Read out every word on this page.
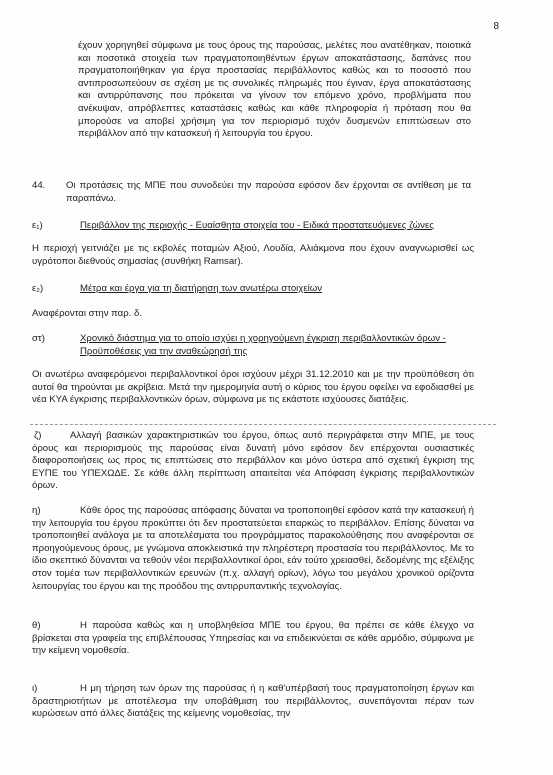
8

έχουν χορηγηθεί σύμφωνα με τους όρους της παρούσας, μελέτες που ανατέθηκαν, ποιοτικά και ποσοτικά στοιχεία των πραγματοποιηθέντων έργων αποκατάστασης, δαπάνες που πραγματοποιήθηκαν για έργα προστασίας περιβάλλοντος καθώς και το ποσοστό που αντιπροσωπεύουν σε σχέση με τις συνολικές πληρωμές που έγιναν, έργα αποκατάστασης και αντιρρύπανσης που πρόκειται να γίνουν τον επόμενο χρόνο, προβλήματα που ανέκυψαν, απρόβλεπτες καταστάσεις καθώς και κάθε πληροφορία ή πρόταση που θα μπορούσε να αποβεί χρήσιμη για τον περιορισμό τυχόν δυσμενών επιπτώσεων στο περιβάλλον από την κατασκευή ή λειτουργία του έργου.

44. Οι προτάσεις της ΜΠΕ που συνοδεύει την παρούσα εφόσον δεν έρχονται σε αντίθεση με τα παραπάνω.

ε₁)	Περιβάλλον της περιοχής - Ευαίσθητα στοιχεία του - Ειδικά προστατευόμενες ζώνες

Η περιοχή γειτνιάζει με τις εκβολές ποταμών Αξιού, Λουδία, Αλιάκμονα που έχουν αναγνωρισθεί ως υγρότοποι διεθνούς σημασίας (συνθήκη Ramsar).

ε₂)	Μέτρα και έργα για τη διατήρηση των ανωτέρω στοιχείων

Αναφέρονται στην παρ. δ.

στ)	Χρονικό διάστημα για το οποίο ισχύει η χορηγούμενη έγκριση περιβαλλοντικών όρων - Προϋποθέσεις για την αναθεώρησή της

Οι ανωτέρω αναφερόμενοι περιβαλλοντικοί όροι ισχύουν μέχρι 31.12.2010 και με την προϋπόθεση ότι αυτοί θα τηρούνται με ακρίβεια. Μετά την ημερομηνία αυτή ο κύριος του έργου οφείλει να εφοδιασθεί με νέα ΚΥΑ έγκρισης περιβαλλοντικών όρων, σύμφωνα με τις εκάστοτε ισχύουσες διατάξεις.

ζ)	Αλλαγή βασικών χαρακτηριστικών του έργου, όπως αυτό περιγράφεται στην ΜΠΕ, με τους όρους και περιορισμούς της παρούσας είναι δυνατή μόνο εφόσον δεν επέρχονται ουσιαστικές διαφοροποιήσεις ως προς τις επιπτώσεις στο περιβάλλον και μόνο ύστερα από σχετική έγκριση της ΕΥΠΕ του ΥΠΕΧΩΔΕ. Σε κάθε άλλη περίπτωση απαιτείται νέα Απόφαση έγκρισης περιβαλλοντικών όρων.

η)	Κάθε όρος της παρούσας απόφασης δύναται να τροποποιηθεί εφόσον κατά την κατασκευή ή την λειτουργία του έργου προκύπτει ότι δεν προστατεύεται επαρκώς το περιβάλλον. Επίσης δύναται να τροποποιηθεί ανάλογα με τα αποτελέσματα του προγράμματος παρακολούθησης που αναφέρονται σε προηγούμενους όρους, με γνώμονα αποκλειστικά την πληρέστερη προστασία του περιβάλλοντος. Με το ίδιο σκεπτικό δύνανται να τεθούν νέοι περιβαλλοντικοί όροι, εάν τούτο χρειασθεί, δεδομένης της εξέλιξης στον τομέα των περιβαλλοντικών ερευνών (π.χ. αλλαγή ορίων), λόγω του μεγάλου χρονικού ορίζοντα λειτουργίας του έργου και της προόδου της αντιρρυπαντικής τεχνολογίας.

θ)	Η παρούσα καθώς και η υποβληθείσα ΜΠΕ του έργου, θα πρέπει σε κάθε έλεγχο να βρίσκεται στα γραφεία της επιβλέπουσας Υπηρεσίας και να επιδεικνύεται σε κάθε αρμόδιο, σύμφωνα με την κείμενη νομοθεσία.

ι)	Η μη τήρηση των όρων της παρούσας ή η καθ'υπέρβασή τους πραγματοποίηση έργων και δραστηριοτήτων με αποτέλεσμα την υποβάθμιση του περιβάλλοντος, συνεπάγονται πέραν των κυρώσεων από άλλες διατάξεις της κείμενης νομοθεσίας, την
